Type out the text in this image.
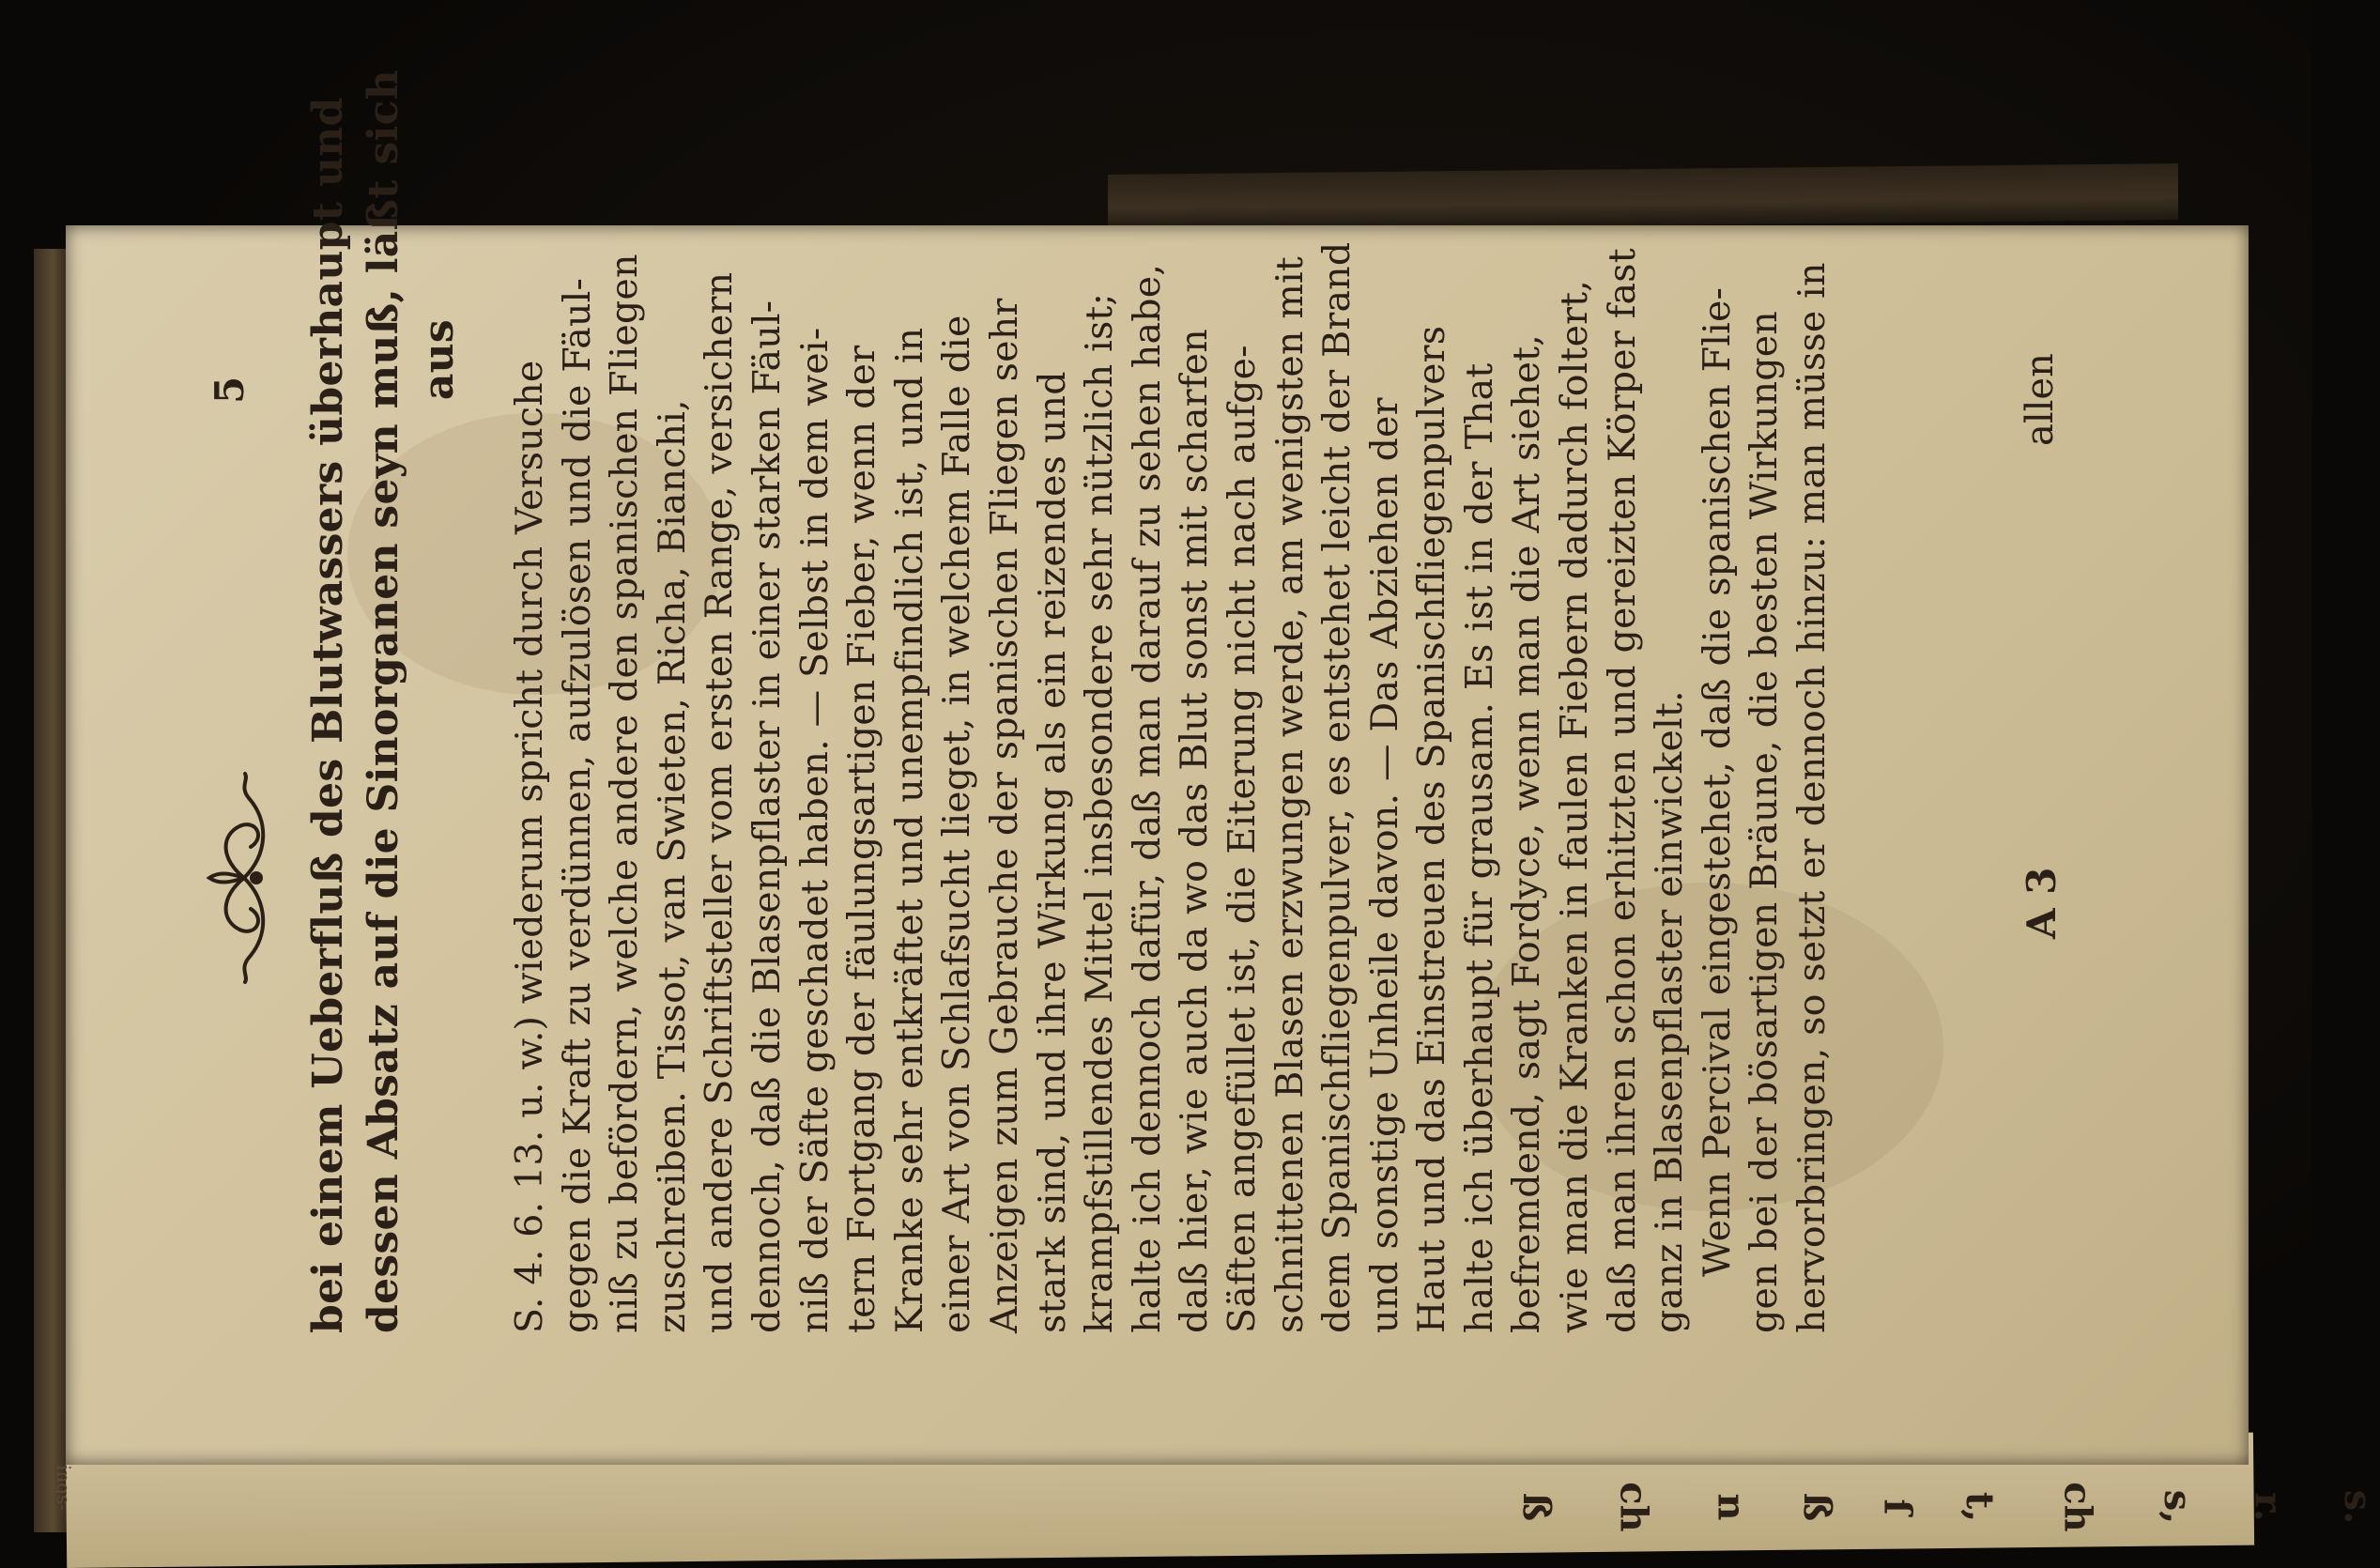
ß ch n ß ſ t, ch s, r. s.
ings-
5 bei einem Ueberfluß des Blutwassers überhaupt und dessen Absatz auf die Sinorganen seyn muß, läßt sich aus
S. 4. 6. 13. u. w.) wiederum spricht durch Versuche gegen die Kraft zu verdünnen, aufzulösen und die Fäul- niß zu befördern, welche andere den spanischen Fliegen zuschreiben. Tissot, van Swieten, Richa, Bianchi, und andere Schriftsteller vom ersten Range, versichern dennoch, daß die Blasenpflaster in einer starken Fäul- niß der Säfte geschadet haben. — Selbst in dem wei- tern Fortgang der fäulungsartigen Fieber, wenn der Kranke sehr entkräftet und unempfindlich ist, und in einer Art von Schlafsucht lieget, in welchem Falle die Anzeigen zum Gebrauche der spanischen Fliegen sehr stark sind, und ihre Wirkung als ein reizendes und krampfstillendes Mittel insbesondere sehr nützlich ist; halte ich dennoch dafür, daß man darauf zu sehen habe, daß hier, wie auch da wo das Blut sonst mit scharfen Säften angefüllet ist, die Eiterung nicht nach aufge- schnittenen Blasen erzwungen werde, am wenigsten mit dem Spanischfliegenpulver, es entstehet leicht der Brand und sonstige Unheile davon. — Das Abziehen der Haut und das Einstreuen des Spanischfliegenpulvers halte ich überhaupt für grausam. Es ist in der That befremdend, sagt Fordyce, wenn man die Art siehet, wie man die Kranken in faulen Fiebern dadurch foltert, daß man ihren schon erhitzten und gereizten Körper fast ganz in Blasenpflaster einwickelt. Wenn Percival eingestehet, daß die spanischen Flie- gen bei der bösartigen Bräune, die besten Wirkungen hervorbringen, so setzt er dennoch hinzu: man müsse in	A 3
allen
